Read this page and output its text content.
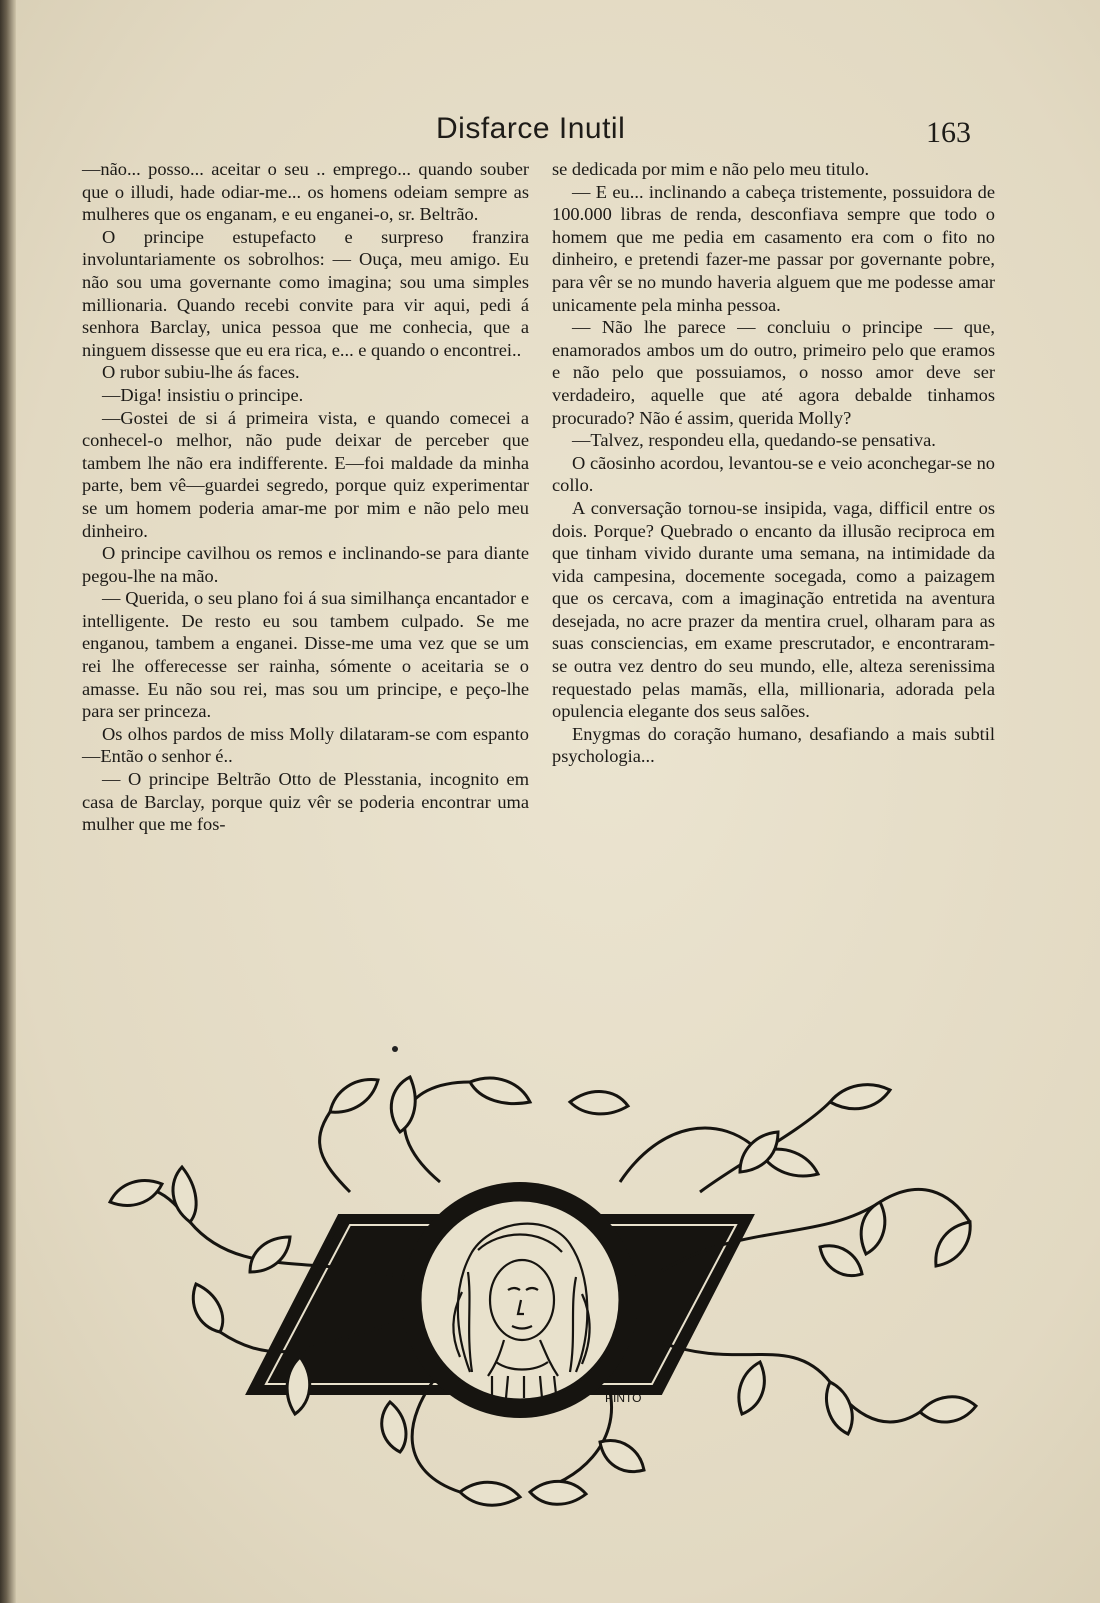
Disfarce Inutil	163

—não... posso... aceitar o seu .. emprego... quando souber que o illudi, hade odiar-me... os homens odeiam sempre as mulheres que os enganam, e eu enganei-o, sr. Beltrão.

O principe estupefacto e surpreso franzira involuntariamente os sobrolhos: — Ouça, meu amigo. Eu não sou uma governante como imagina; sou uma simples millionaria. Quando recebi convite para vir aqui, pedi á senhora Barclay, unica pessoa que me conhecia, que a ninguem dissesse que eu era rica, e... e quando o encontrei..

O rubor subiu-lhe ás faces.

—Diga! insistiu o principe.

—Gostei de si á primeira vista, e quando comecei a conhecel-o melhor, não pude deixar de perceber que tambem lhe não era indifferente. E—foi maldade da minha parte, bem vê—guardei segredo, porque quiz experimentar se um homem poderia amar-me por mim e não pelo meu dinheiro.

O principe cavilhou os remos e inclinando-se para diante pegou-lhe na mão.

— Querida, o seu plano foi á sua similhança encantador e intelligente. De resto eu sou tambem culpado. Se me enganou, tambem a enganei. Disse-me uma vez que se um rei lhe offerecesse ser rainha, sómente o aceitaria se o amasse. Eu não sou rei, mas sou um principe, e peço-lhe para ser princeza.

Os olhos pardos de miss Molly dilataram-se com espanto—Então o senhor é..

— O principe Beltrão Otto de Plesstania, incognito em casa de Barclay, porque quiz vêr se poderia encontrar uma mulher que me fos-

se dedicada por mim e não pelo meu titulo.

— E eu... inclinando a cabeça tristemente, possuidora de 100.000 libras de renda, desconfiava sempre que todo o homem que me pedia em casamento era com o fito no dinheiro, e pretendi fazer-me passar por governante pobre, para vêr se no mundo haveria alguem que me podesse amar unicamente pela minha pessoa.

— Não lhe parece — concluiu o principe — que, enamorados ambos um do outro, primeiro pelo que eramos e não pelo que possuiamos, o nosso amor deve ser verdadeiro, aquelle que até agora debalde tinhamos procurado? Não é assim, querida Molly?

—Talvez, respondeu ella, quedando-se pensativa.

O cãosinho acordou, levantou-se e veio aconchegar-se no collo.

A conversação tornou-se insipida, vaga, difficil entre os dois. Porque? Quebrado o encanto da illusão reciproca em que tinham vivido durante uma semana, na intimidade da vida campesina, docemente socegada, como a paizagem que os cercava, com a imaginação entretida na aventura desejada, no acre prazer da mentira cruel, olharam para as suas consciencias, em exame prescrutador, e encontraram-se outra vez dentro do seu mundo, elle, alteza serenissima requestado pelas mamãs, ella, millionaria, adorada pela opulencia elegante dos seus salões.

Enygmas do coração humano, desafiando a mais subtil psychologia...

PINTO
